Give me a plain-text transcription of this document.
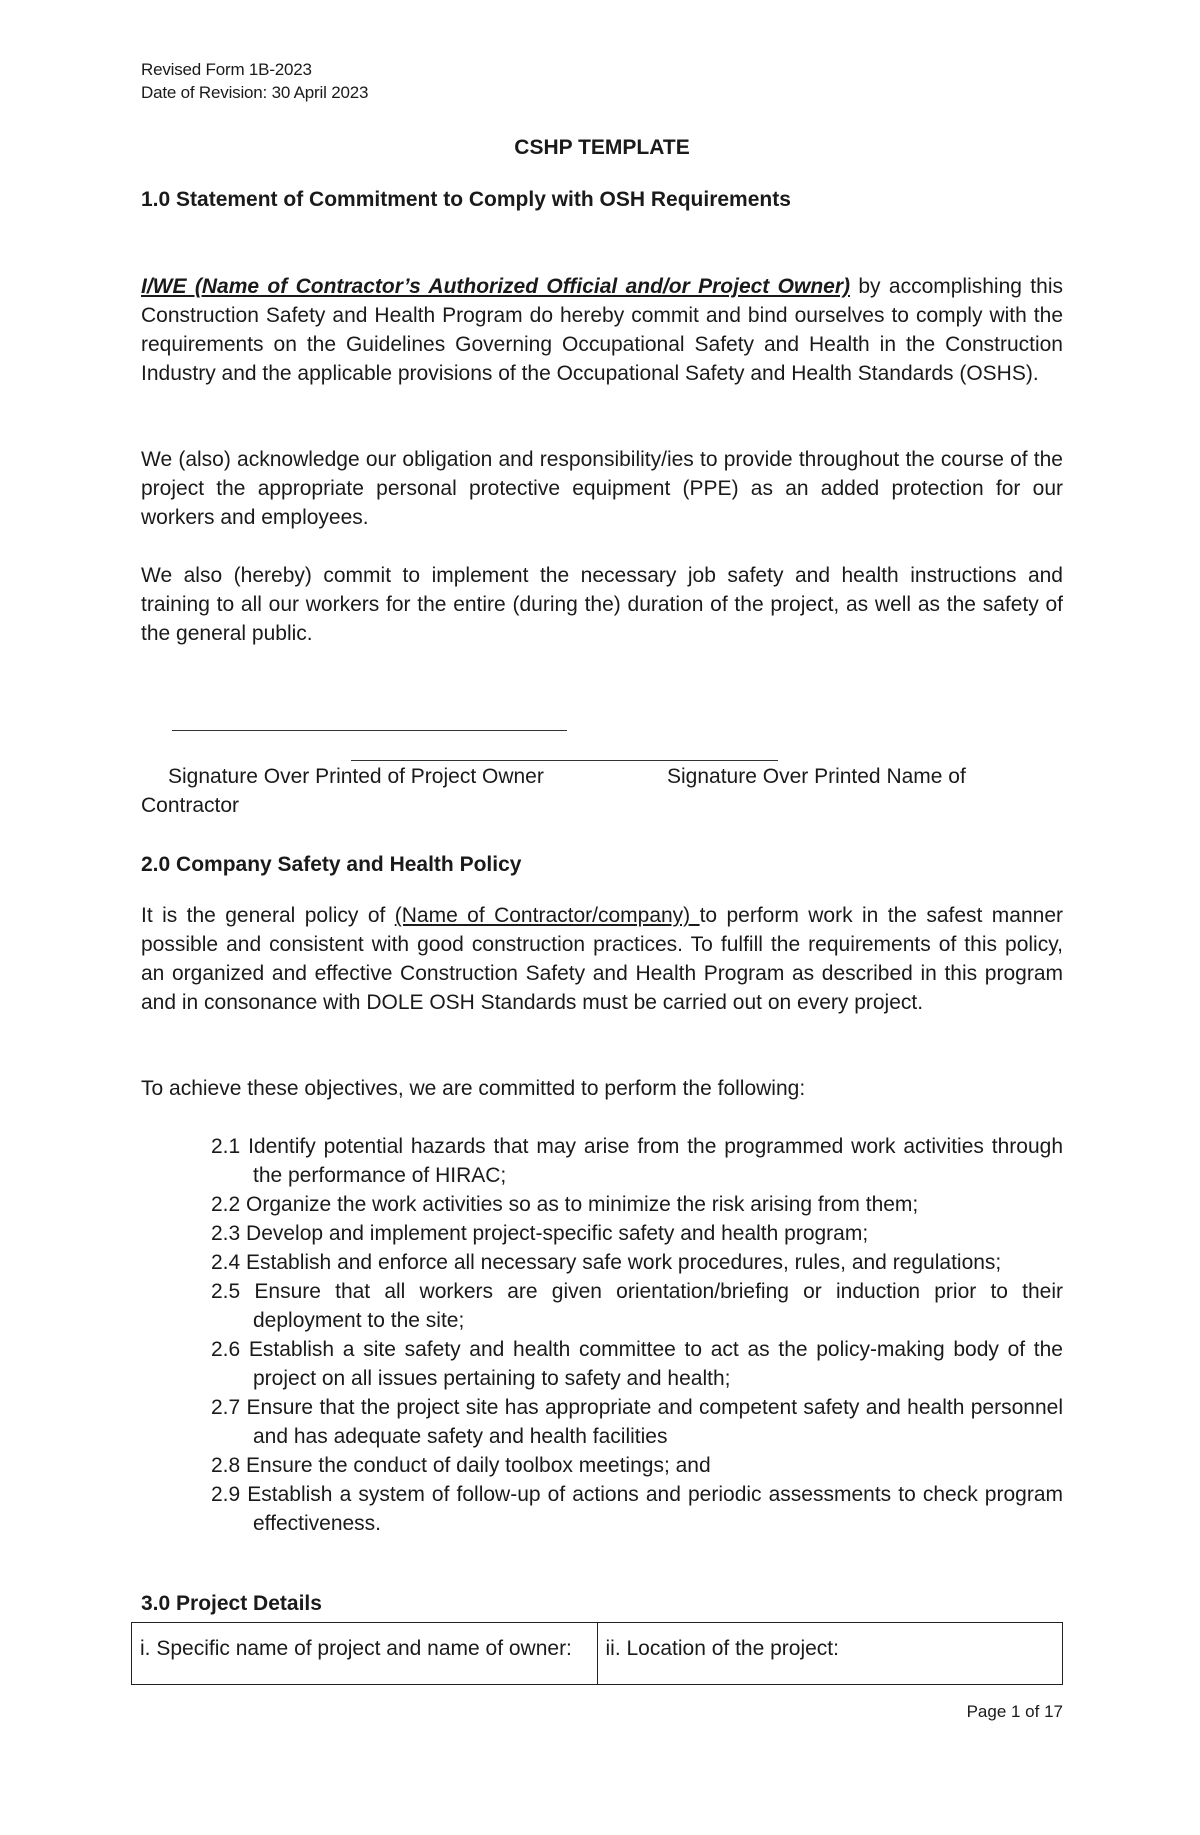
Revised Form 1B-2023
Date of Revision: 30 April 2023
CSHP TEMPLATE
1.0 Statement of Commitment to Comply with OSH Requirements
I/WE (Name of Contractor’s Authorized Official and/or Project Owner) by accomplishing this Construction Safety and Health Program do hereby commit and bind ourselves to comply with the requirements on the Guidelines Governing Occupational Safety and Health in the Construction Industry and the applicable provisions of the Occupational Safety and Health Standards (OSHS).
We (also) acknowledge our obligation and responsibility/ies to provide throughout the course of the project the appropriate personal protective equipment (PPE) as an added protection for our workers and employees.
We also (hereby) commit to implement the necessary job safety and health instructions and training to all our workers for the entire (during the) duration of the project, as well as the safety of the general public.
Signature Over Printed of Project Owner	Signature Over Printed Name of
Contractor
2.0 Company Safety and Health Policy
It is the general policy of (Name of Contractor/company) to perform work in the safest manner possible and consistent with good construction practices. To fulfill the requirements of this policy, an organized and effective Construction Safety and Health Program as described in this program and in consonance with DOLE OSH Standards must be carried out on every project.
To achieve these objectives, we are committed to perform the following:
2.1 Identify potential hazards that may arise from the programmed work activities through the performance of HIRAC;
2.2 Organize the work activities so as to minimize the risk arising from them;
2.3 Develop and implement project-specific safety and health program;
2.4 Establish and enforce all necessary safe work procedures, rules, and regulations;
2.5 Ensure that all workers are given orientation/briefing or induction prior to their deployment to the site;
2.6 Establish a site safety and health committee to act as the policy-making body of the project on all issues pertaining to safety and health;
2.7 Ensure that the project site has appropriate and competent safety and health personnel and has adequate safety and health facilities
2.8 Ensure the conduct of daily toolbox meetings; and
2.9 Establish a system of follow-up of actions and periodic assessments to check program effectiveness.
3.0 Project Details
i. Specific name of project and name of owner:	ii. Location of the project:
Page 1 of 17
